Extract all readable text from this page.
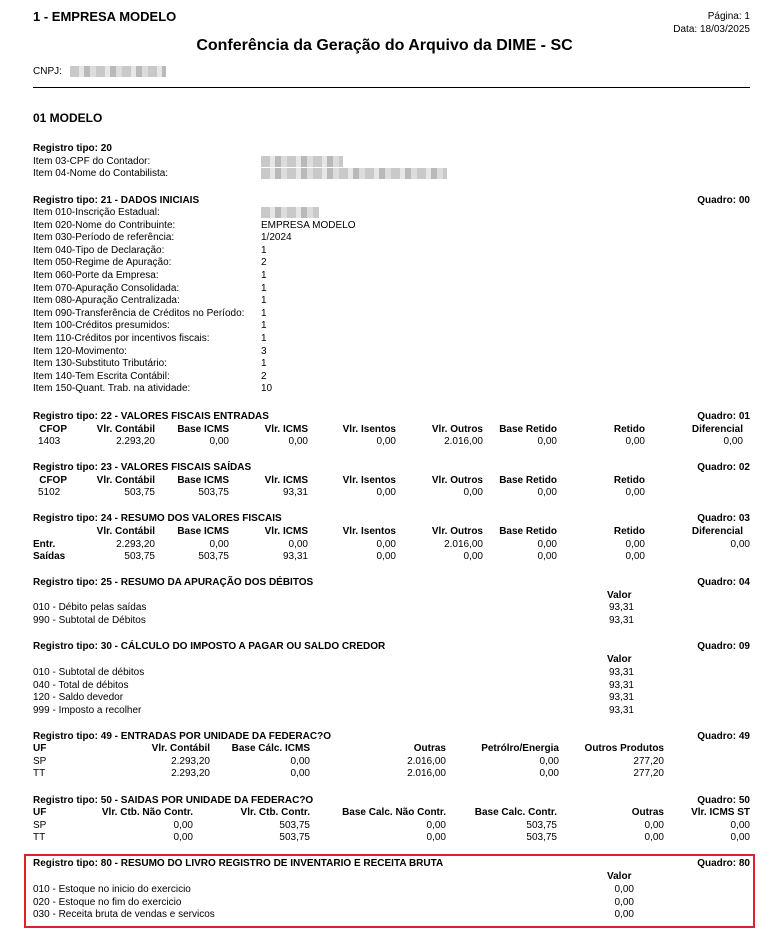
1 - EMPRESA MODELO	Página: 1
Data: 18/03/2025
Conferência da Geração do Arquivo da DIME - SC
CNPJ:
01 MODELO
Registro tipo: 20
Item 03-CPF do Contador:
Item 04-Nome do Contabilista:
Registro tipo: 21 - DADOS INICIAIS	Quadro: 00
Item 010-Inscrição Estadual:
Item 020-Nome do Contribuinte:	EMPRESA MODELO
Item 030-Período de referência:	1/2024
Item 040-Tipo de Declaração:	1
Item 050-Regime de Apuração:	2
Item 060-Porte da Empresa:	1
Item 070-Apuração Consolidada:	1
Item 080-Apuração Centralizada:	1
Item 090-Transferência de Créditos no Período: 1
Item 100-Créditos presumidos:	1
Item 110-Créditos por incentivos fiscais:	1
Item 120-Movimento:	3
Item 130-Substituto Tributário:	1
Item 140-Tem Escrita Contábil:	2
Item 150-Quant. Trab. na atividade:	10
Registro tipo: 22 - VALORES FISCAIS ENTRADAS	Quadro: 01
CFOP	Vlr. Contábil	Base ICMS	Vlr. ICMS	Vlr. Isentos	Vlr. Outros	Base Retido	Retido	Diferencial
1403	2.293,20	0,00	0,00	0,00	2.016,00	0,00	0,00	0,00
Registro tipo: 23 - VALORES FISCAIS SAÍDAS	Quadro: 02
CFOP	Vlr. Contábil	Base ICMS	Vlr. ICMS	Vlr. Isentos	Vlr. Outros	Base Retido	Retido
5102	503,75	503,75	93,31	0,00	0,00	0,00	0,00
Registro tipo: 24 - RESUMO DOS VALORES FISCAIS	Quadro: 03
Vlr. Contábil	Base ICMS	Vlr. ICMS	Vlr. Isentos	Vlr. Outros	Base Retido	Retido	Diferencial
Entr.	2.293,20	0,00	0,00	0,00	2.016,00	0,00	0,00	0,00
Saídas	503,75	503,75	93,31	0,00	0,00	0,00	0,00
Registro tipo: 25 - RESUMO DA APURAÇÃO DOS DÉBITOS	Quadro: 04
Valor
010 - Débito pelas saídas	93,31
990 - Subtotal de Débitos	93,31
Registro tipo: 30 - CÁLCULO DO IMPOSTO A PAGAR OU SALDO CREDOR	Quadro: 09
Valor
010 - Subtotal de débitos	93,31
040 - Total de débitos	93,31
120 - Saldo devedor	93,31
999 - Imposto a recolher	93,31
Registro tipo: 49 - ENTRADAS POR UNIDADE DA FEDERAC?O	Quadro: 49
UF	Vlr. Contábil	Base Cálc. ICMS	Outras	Petrólro/Energia	Outros Produtos
SP	2.293,20	0,00	2.016,00	0,00	277,20
TT	2.293,20	0,00	2.016,00	0,00	277,20
Registro tipo: 50 - SAIDAS POR UNIDADE DA FEDERAC?O	Quadro: 50
UF	Vlr. Ctb. Não Contr.	Vlr. Ctb. Contr.	Base Calc. Não Contr.	Base Calc. Contr.	Outras	Vlr. ICMS ST
SP	0,00	503,75	0,00	503,75	0,00	0,00
TT	0,00	503,75	0,00	503,75	0,00	0,00
Registro tipo: 80 - RESUMO DO LIVRO REGISTRO DE INVENTARIO E RECEITA BRUTA	Quadro: 80
Valor
010 - Estoque no inicio do exercicio	0,00
020 - Estoque no fim do exercicio	0,00
030 - Receita bruta de vendas e servicos	0,00
